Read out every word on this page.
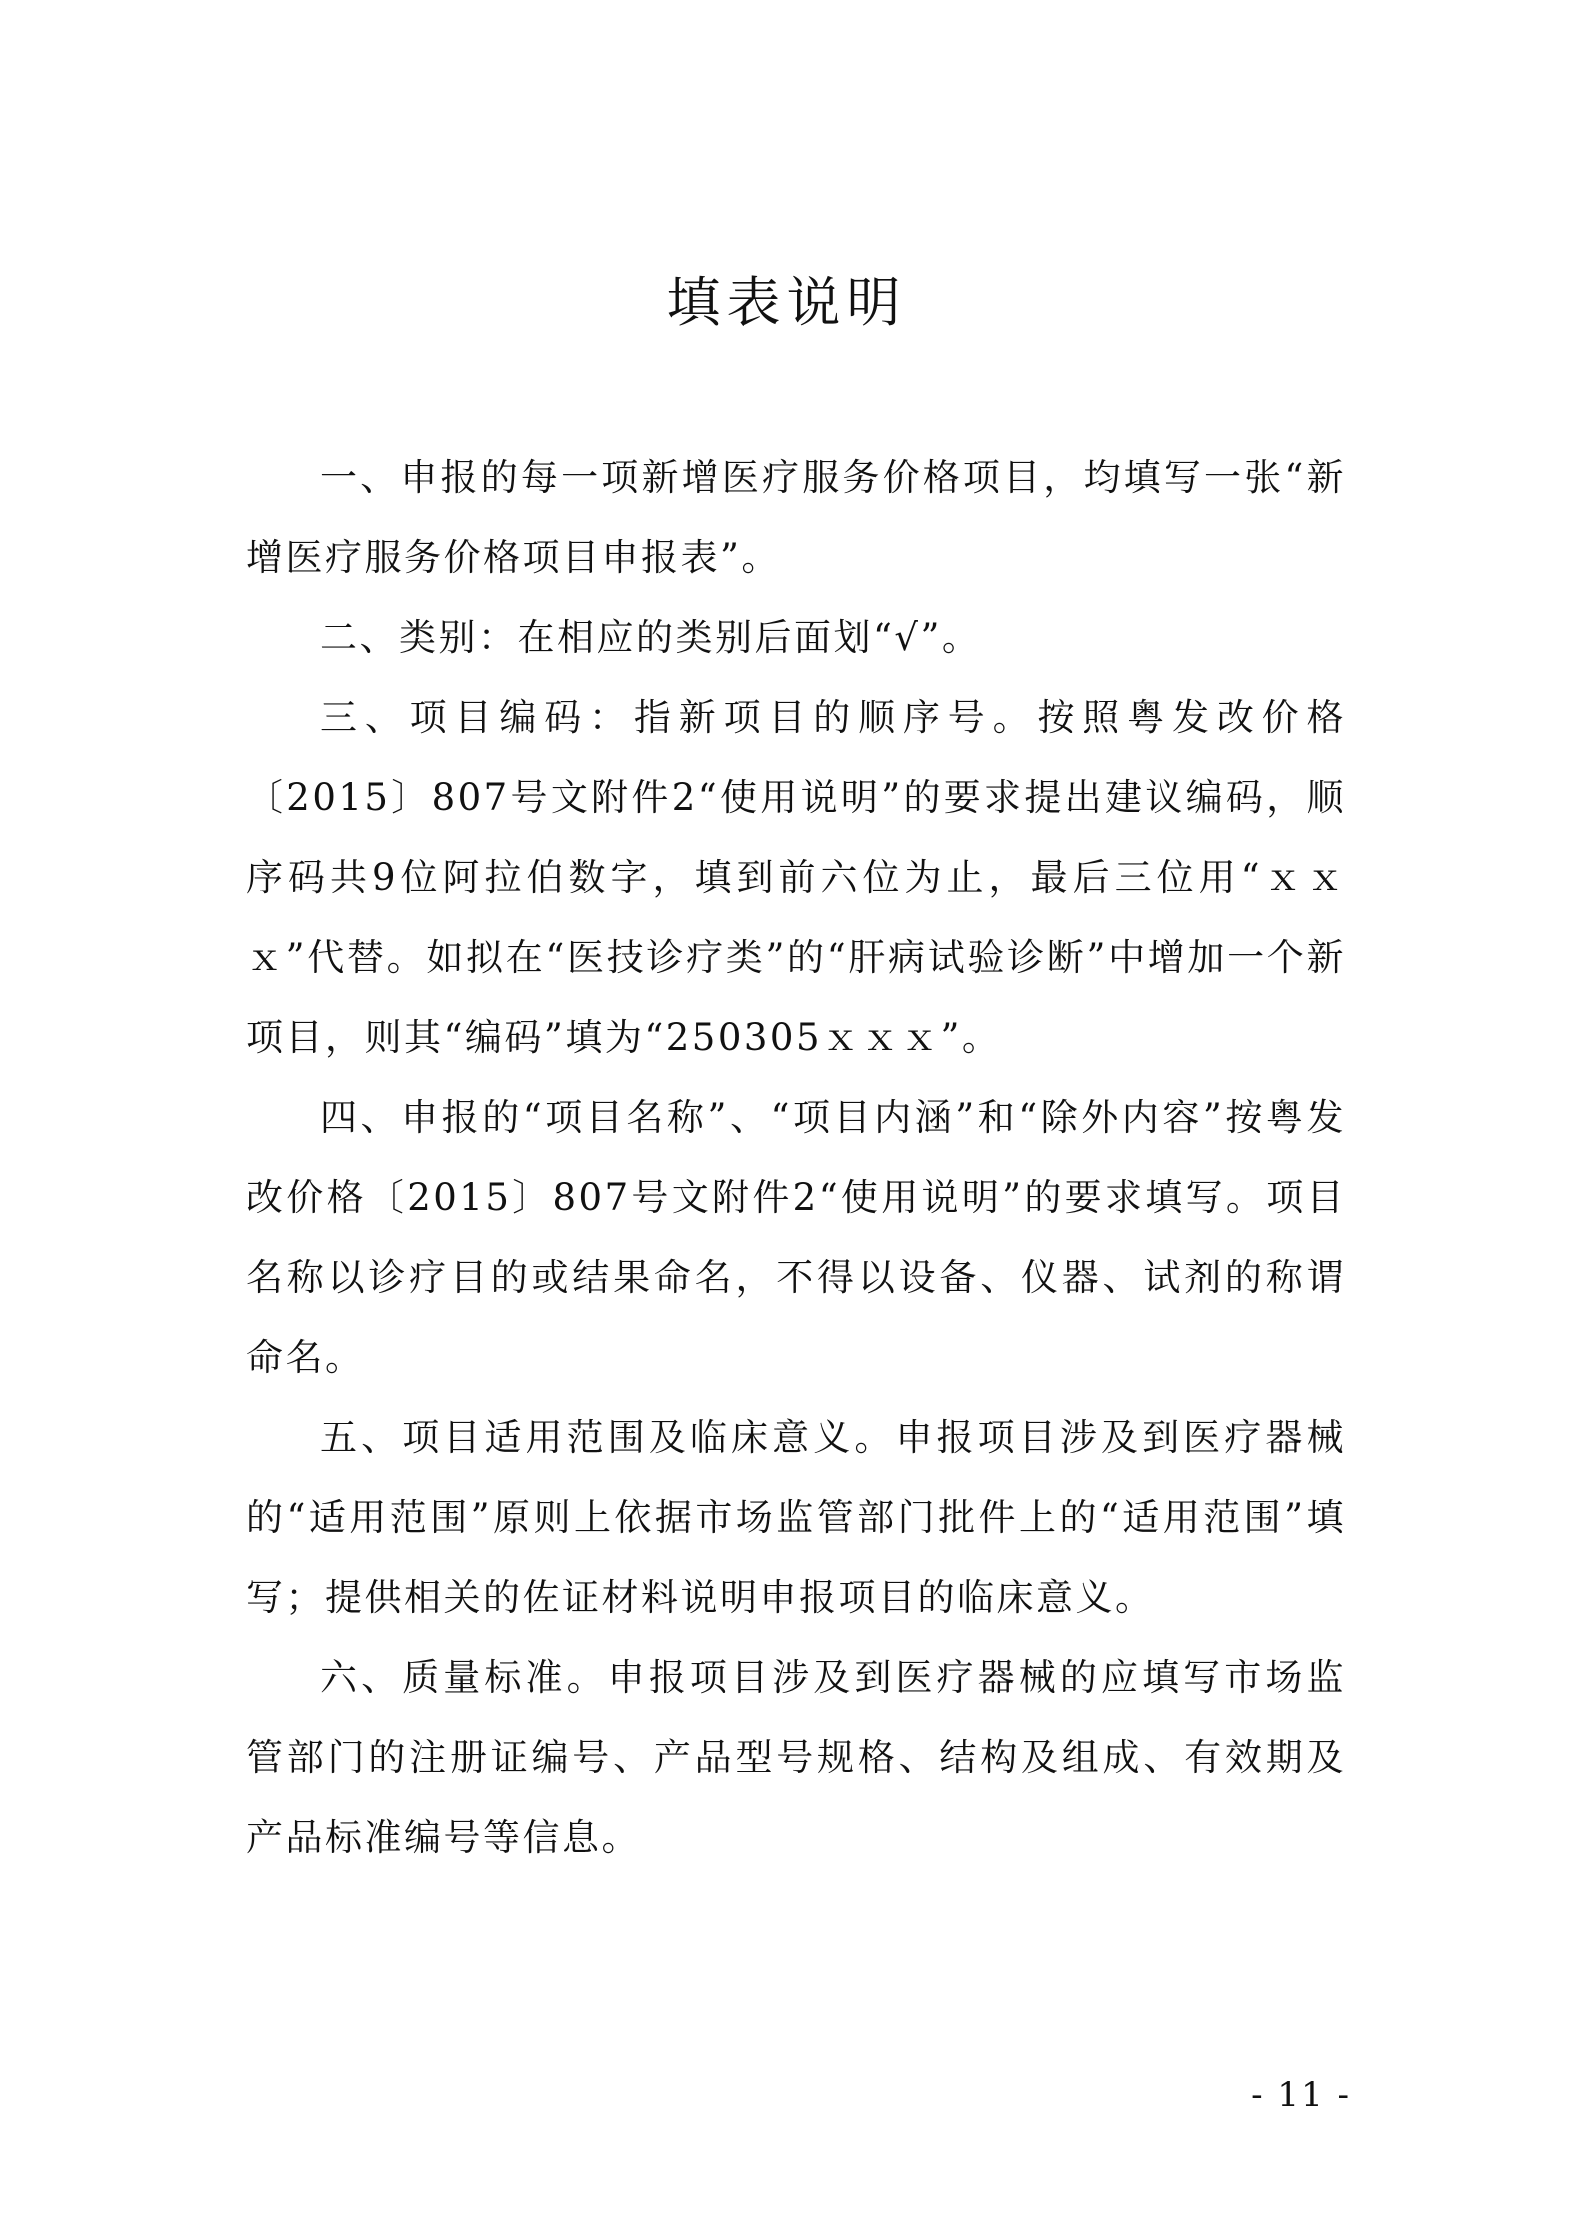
填表说明

一、申报的每一项新增医疗服务价格项目，均填写一张“新增医疗服务价格项目申报表”。

二、类别：在相应的类别后面划“√”。

三、项目编码：指新项目的顺序号。按照粤发改价格〔2015〕807号文附件2“使用说明”的要求提出建议编码，顺序码共9位阿拉伯数字，填到前六位为止，最后三位用“ｘｘｘ”代替。如拟在“医技诊疗类”的“肝病试验诊断”中增加一个新项目，则其“编码”填为“250305ｘｘｘ”。

四、申报的“项目名称”、“项目内涵”和“除外内容”按粤发改价格〔2015〕807号文附件2“使用说明”的要求填写。项目名称以诊疗目的或结果命名，不得以设备、仪器、试剂的称谓命名。

五、项目适用范围及临床意义。申报项目涉及到医疗器械的“适用范围”原则上依据市场监管部门批件上的“适用范围”填写；提供相关的佐证材料说明申报项目的临床意义。

六、质量标准。申报项目涉及到医疗器械的应填写市场监管部门的注册证编号、产品型号规格、结构及组成、有效期及产品标准编号等信息。

- 11 -
